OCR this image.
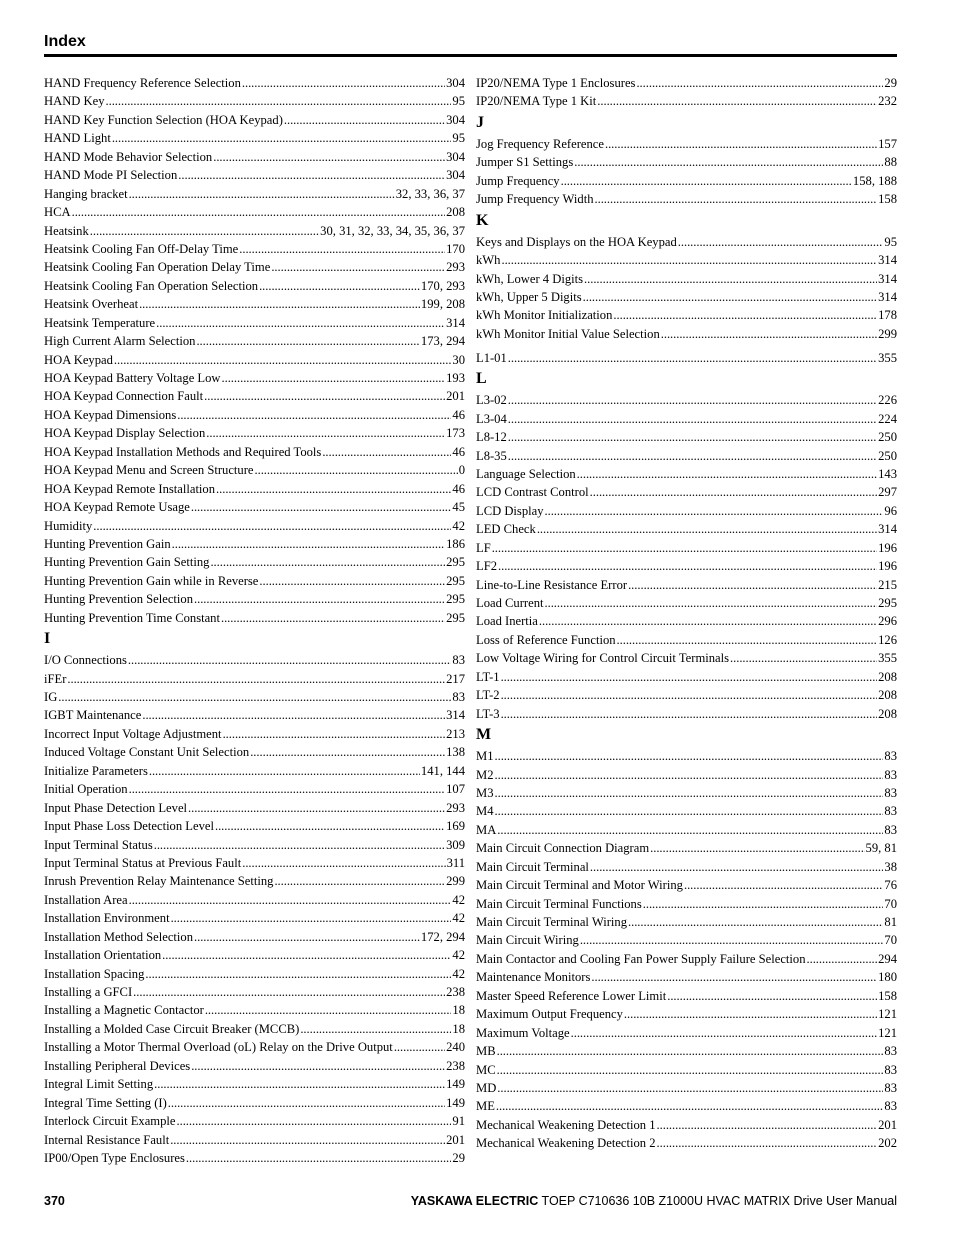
Index
HAND Frequency Reference Selection . . .	304
HAND Key . . .	95
HAND Key Function Selection (HOA Keypad) . . .	304
HAND Light . . .	95
HAND Mode Behavior Selection . . .	304
HAND Mode PI Selection . . .	304
Hanging bracket . . .	32, 33, 36, 37
HCA . . .	208
Heatsink . . .	30, 31, 32, 33, 34, 35, 36, 37
Heatsink Cooling Fan Off-Delay Time . . .	170
Heatsink Cooling Fan Operation Delay Time . . .	293
Heatsink Cooling Fan Operation Selection . . .	170, 293
Heatsink Overheat . . .	199, 208
Heatsink Temperature . . .	314
High Current Alarm Selection . . .	173, 294
HOA Keypad . . .	30
HOA Keypad Battery Voltage Low . . .	193
HOA Keypad Connection Fault . . .	201
HOA Keypad Dimensions . . .	46
HOA Keypad Display Selection . . .	173
HOA Keypad Installation Methods and Required Tools . . .	46
HOA Keypad Menu and Screen Structure . . .	0
HOA Keypad Remote Installation . . .	46
HOA Keypad Remote Usage . . .	45
Humidity . . .	42
Hunting Prevention Gain . . .	186
Hunting Prevention Gain Setting . . .	295
Hunting Prevention Gain while in Reverse . . .	295
Hunting Prevention Selection . . .	295
Hunting Prevention Time Constant . . .	295
I
I/O Connections . . .	83
iFEr . . .	217
IG . . .	83
IGBT Maintenance . . .	314
Incorrect Input Voltage Adjustment . . .	213
Induced Voltage Constant Unit Selection . . .	138
Initialize Parameters . . .	141, 144
Initial Operation . . .	107
Input Phase Detection Level . . .	293
Input Phase Loss Detection Level . . .	169
Input Terminal Status . . .	309
Input Terminal Status at Previous Fault . . .	311
Inrush Prevention Relay Maintenance Setting . . .	299
Installation Area . . .	42
Installation Environment . . .	42
Installation Method Selection . . .	172, 294
Installation Orientation . . .	42
Installation Spacing . . .	42
Installing a GFCI . . .	238
Installing a Magnetic Contactor . . .	18
Installing a Molded Case Circuit Breaker (MCCB) . . .	18
Installing a Motor Thermal Overload (oL) Relay on the Drive Output . . .	240
Installing Peripheral Devices . . .	238
Integral Limit Setting . . .	149
Integral Time Setting (I) . . .	149
Interlock Circuit Example . . .	91
Internal Resistance Fault . . .	201
IP00/Open Type Enclosures . . .	29
IP20/NEMA Type 1 Enclosures . . .	29
IP20/NEMA Type 1 Kit . . .	232
J
Jog Frequency Reference . . .	157
Jumper S1 Settings . . .	88
Jump Frequency . . .	158, 188
Jump Frequency Width . . .	158
K
Keys and Displays on the HOA Keypad . . .	95
kWh . . .	314
kWh, Lower 4 Digits . . .	314
kWh, Upper 5 Digits . . .	314
kWh Monitor Initialization . . .	178
kWh Monitor Initial Value Selection . . .	299
L1-01 . . .	355
L
L3-02 . . .	226
L3-04 . . .	224
L8-12 . . .	250
L8-35 . . .	250
Language Selection . . .	143
LCD Contrast Control . . .	297
LCD Display . . .	96
LED Check . . .	314
LF . . .	196
LF2 . . .	196
Line-to-Line Resistance Error . . .	215
Load Current . . .	295
Load Inertia . . .	296
Loss of Reference Function . . .	126
Low Voltage Wiring for Control Circuit Terminals . . .	355
LT-1 . . .	208
LT-2 . . .	208
LT-3 . . .	208
M
M1 . . .	83
M2 . . .	83
M3 . . .	83
M4 . . .	83
MA . . .	83
Main Circuit Connection Diagram . . .	59, 81
Main Circuit Terminal . . .	38
Main Circuit Terminal and Motor Wiring . . .	76
Main Circuit Terminal Functions . . .	70
Main Circuit Terminal Wiring . . .	81
Main Circuit Wiring . . .	70
Main Contactor and Cooling Fan Power Supply Failure Selection . . .	294
Maintenance Monitors . . .	180
Master Speed Reference Lower Limit . . .	158
Maximum Output Frequency . . .	121
Maximum Voltage . . .	121
MB . . .	83
MC . . .	83
MD . . .	83
ME . . .	83
Mechanical Weakening Detection 1 . . .	201
Mechanical Weakening Detection 2 . . .	202
370	YASKAWA ELECTRIC TOEP C710636 10B Z1000U HVAC MATRIX Drive User Manual
